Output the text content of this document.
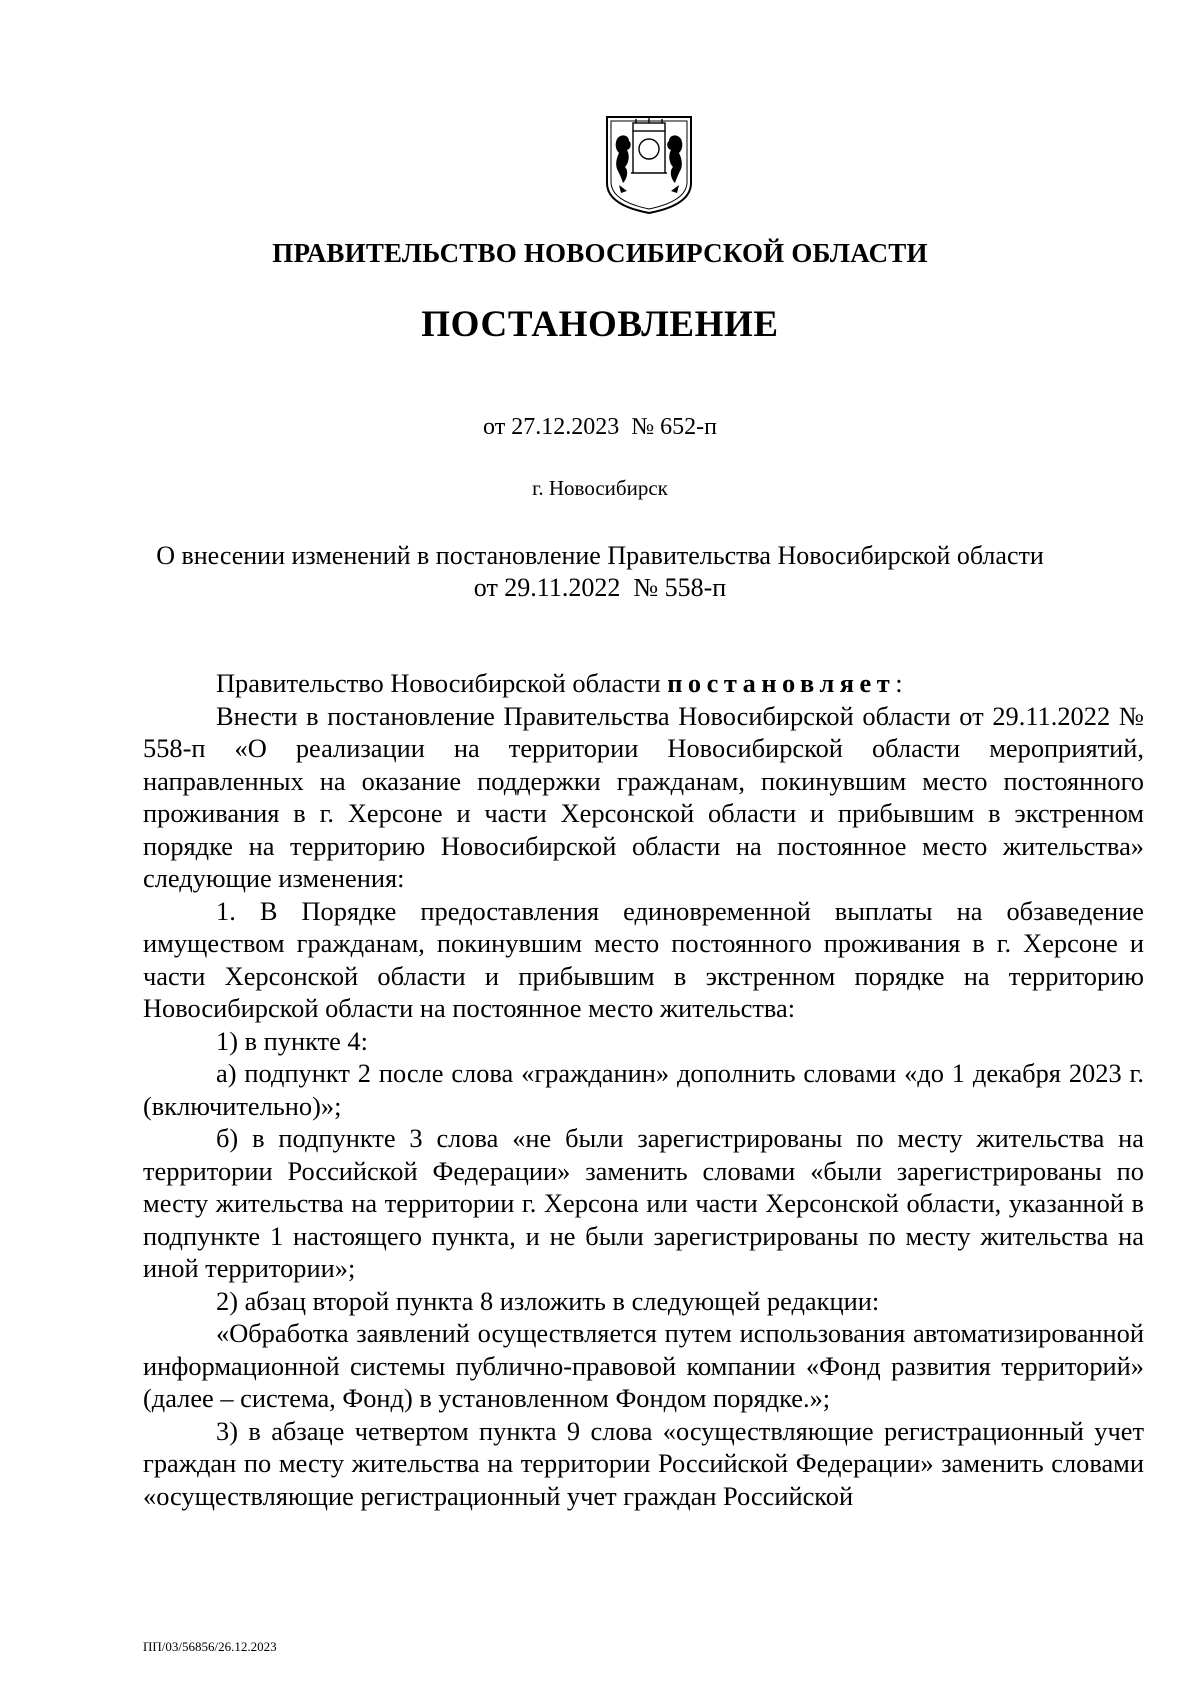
ПРАВИТЕЛЬСТВО НОВОСИБИРСКОЙ ОБЛАСТИ
ПОСТАНОВЛЕНИЕ
от 27.12.2023  № 652-п
г. Новосибирск
О внесении изменений в постановление Правительства Новосибирской области
от 29.11.2022  № 558-п

Правительство Новосибирской области постановляет:

Внести в постановление Правительства Новосибирской области от 29.11.2022 № 558-п «О реализации на территории Новосибирской области мероприятий, направленных на оказание поддержки гражданам, покинувшим место постоянного проживания в г. Херсоне и части Херсонской области и прибывшим в экстренном порядке на территорию Новосибирской области на постоянное место жительства» следующие изменения:

1. В Порядке предоставления единовременной выплаты на обзаведение имуществом гражданам, покинувшим место постоянного проживания в г. Херсоне и части Херсонской области и прибывшим в экстренном порядке на территорию Новосибирской области на постоянное место жительства:

1) в пункте 4:

а) подпункт 2 после слова «гражданин» дополнить словами «до 1 декабря 2023 г. (включительно)»;

б) в подпункте 3 слова «не были зарегистрированы по месту жительства на территории Российской Федерации» заменить словами «были зарегистрированы по месту жительства на территории г. Херсона или части Херсонской области, указанной в подпункте 1 настоящего пункта, и не были зарегистрированы по месту жительства на иной территории»;

2) абзац второй пункта 8 изложить в следующей редакции:

«Обработка заявлений осуществляется путем использования автоматизированной информационной системы публично-правовой компании «Фонд развития территорий» (далее – система, Фонд) в установленном Фондом порядке.»;

3) в абзаце четвертом пункта 9 слова «осуществляющие регистрационный учет граждан по месту жительства на территории Российской Федерации» заменить словами «осуществляющие регистрационный учет граждан Российской

ПП/03/56856/26.12.2023
